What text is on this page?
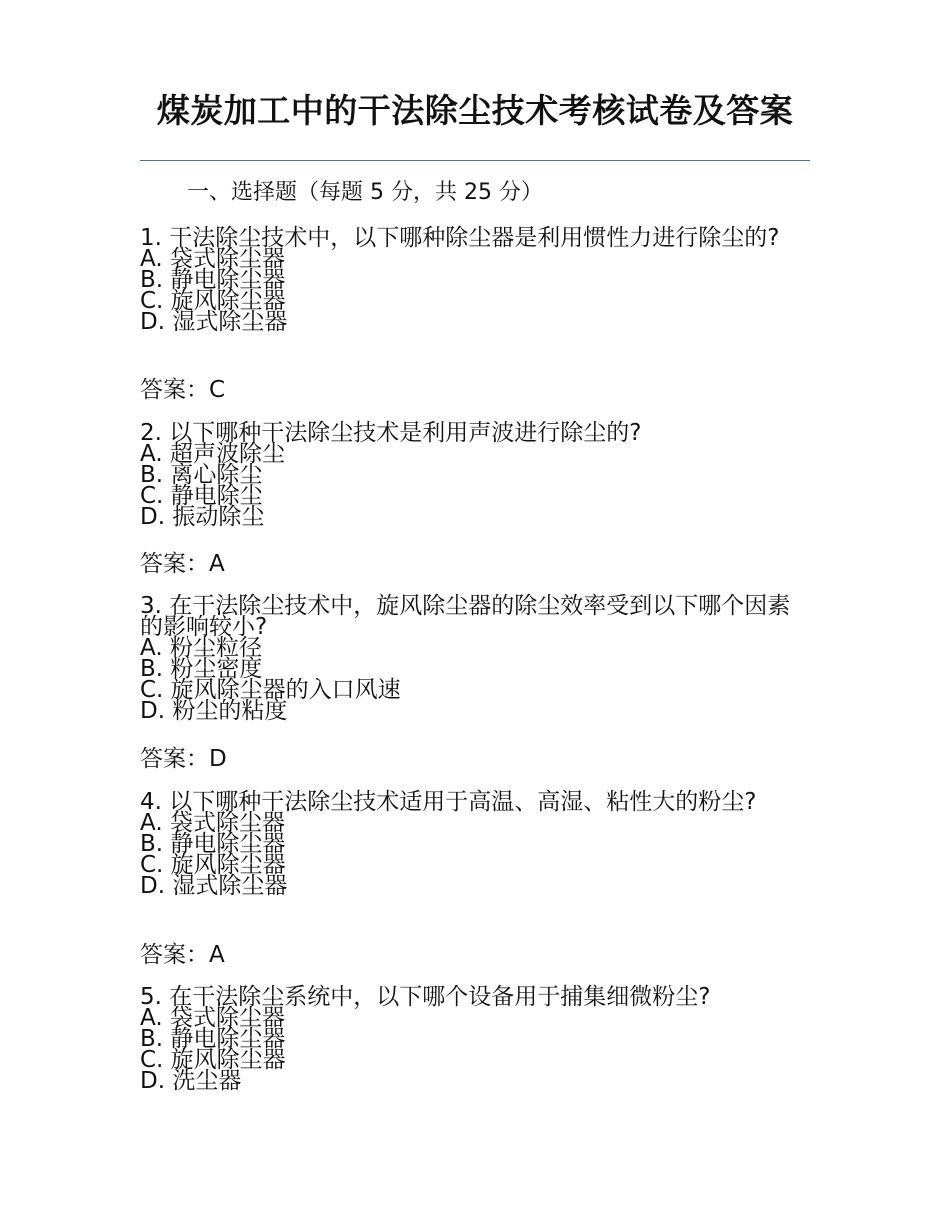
煤炭加工中的干法除尘技术考核试卷及答案
一、选择题（每题 5 分，共 25 分）

1. 干法除尘技术中，以下哪种除尘器是利用惯性力进行除尘的?

A. 袋式除尘器

B. 静电除尘器

C. 旋风除尘器

D. 湿式除尘器

答案：C

2. 以下哪种干法除尘技术是利用声波进行除尘的?

A. 超声波除尘

B. 离心除尘

C. 静电除尘

D. 振动除尘

答案：A

3. 在干法除尘技术中，旋风除尘器的除尘效率受到以下哪个因素的影响较小?

A. 粉尘粒径

B. 粉尘密度

C. 旋风除尘器的入口风速

D. 粉尘的粘度

答案：D

4. 以下哪种干法除尘技术适用于高温、高湿、粘性大的粉尘?

A. 袋式除尘器

B. 静电除尘器

C. 旋风除尘器

D. 湿式除尘器

答案：A

5. 在干法除尘系统中，以下哪个设备用于捕集细微粉尘?

A. 袋式除尘器

B. 静电除尘器

C. 旋风除尘器

D. 洗尘器
